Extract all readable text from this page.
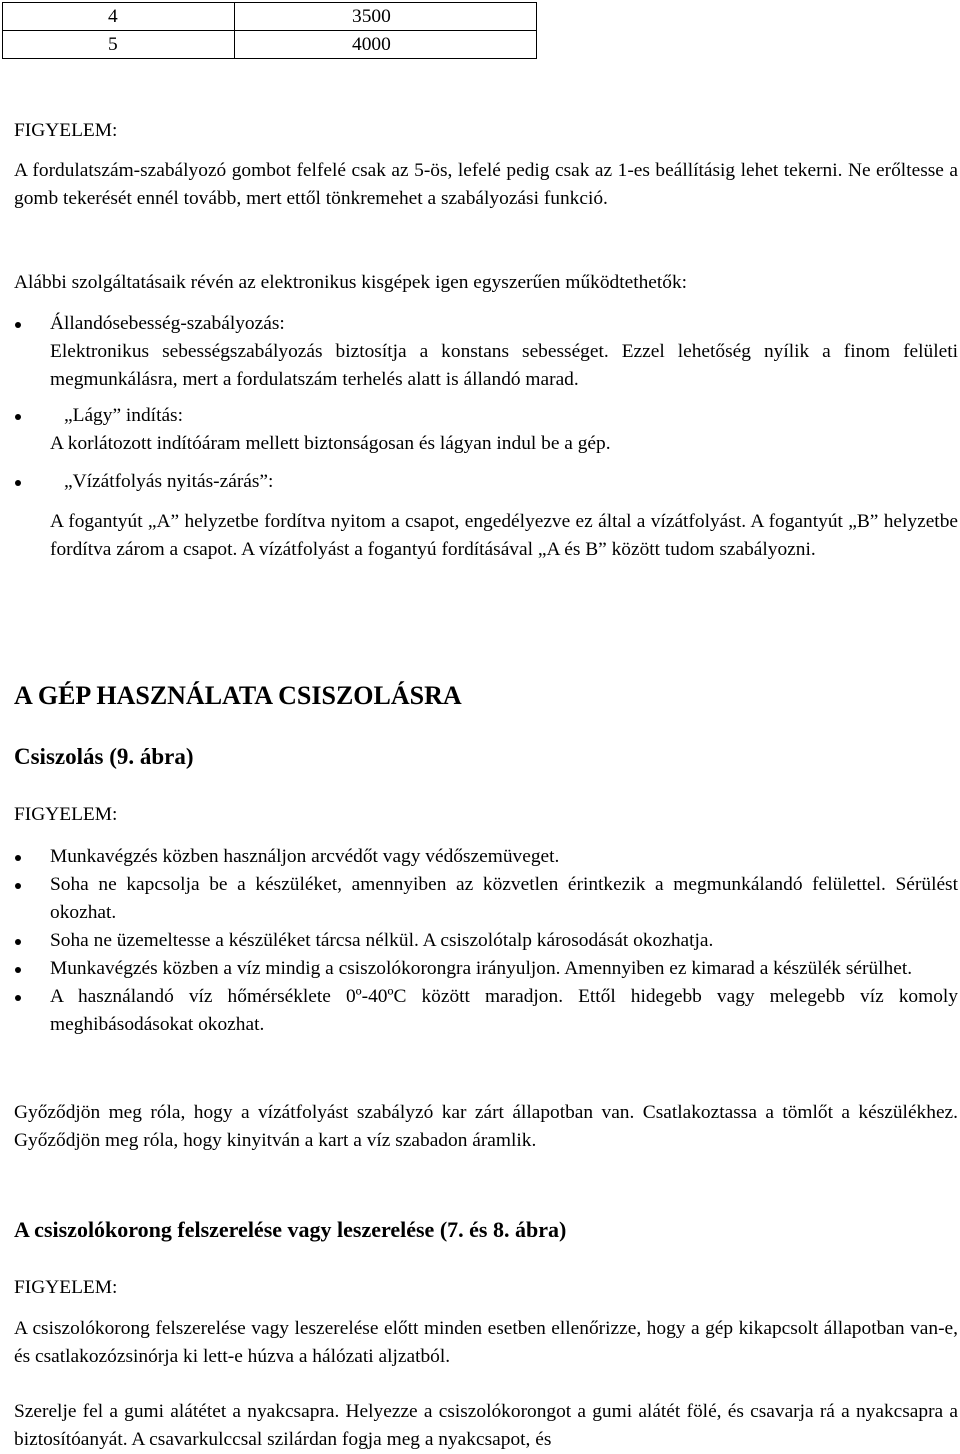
4	3500
5	4000

FIGYELEM:

A fordulatszám-szabályozó gombot felfelé csak az 5-ös, lefelé pedig csak az 1-es beállításig lehet tekerni. Ne erőltesse a gomb tekerését ennél tovább, mert ettől tönkremehet a szabályozási funkció.

Alábbi szolgáltatásaik révén az elektronikus kisgépek igen egyszerűen működtethetők:

Állandósebesség-szabályozás:
Elektronikus sebességszabályozás biztosítja a konstans sebességet. Ezzel lehetőség nyílik a finom felületi megmunkálásra, mert a fordulatszám terhelés alatt is állandó marad.
„Lágy” indítás:
A korlátozott indítóáram mellett biztonságosan és lágyan indul be a gép.
„Vízátfolyás nyitás-zárás”:
A fogantyút „A” helyzetbe fordítva nyitom a csapot, engedélyezve ez által a vízátfolyást. A fogantyút „B” helyzetbe fordítva zárom a csapot. A vízátfolyást a fogantyú fordításával „A és B” között tudom szabályozni.
A GÉP HASZNÁLATA CSISZOLÁSRA
Csiszolás (9. ábra)

FIGYELEM:

Munkavégzés közben használjon arcvédőt vagy védőszemüveget.
Soha ne kapcsolja be a készüléket, amennyiben az közvetlen érintkezik a megmunkálandó felülettel. Sérülést okozhat.
Soha ne üzemeltesse a készüléket tárcsa nélkül. A csiszolótalp károsodását okozhatja.
Munkavégzés közben a víz mindig a csiszolókorongra irányuljon. Amennyiben ez kimarad a készülék sérülhet.
A használandó víz hőmérséklete 0º-40ºC között maradjon. Ettől hidegebb vagy melegebb víz komoly meghibásodásokat okozhat.

Győződjön meg róla, hogy a vízátfolyást szabályzó kar zárt állapotban van. Csatlakoztassa a tömlőt a készülékhez. Győződjön meg róla, hogy kinyitván a kart a víz szabadon áramlik.

A csiszolókorong felszerelése vagy leszerelése (7. és 8. ábra)

FIGYELEM:

A csiszolókorong felszerelése vagy leszerelése előtt minden esetben ellenőrizze, hogy a gép kikapcsolt állapotban van-e, és csatlakozózsinórja ki lett-e húzva a hálózati aljzatból.

Szerelje fel a gumi alátétet a nyakcsapra. Helyezze a csiszolókorongot a gumi alátét fölé, és csavarja rá a nyakcsapra a biztosítóanyát. A csavarkulccsal szilárdan fogja meg a nyakcsapot, és
